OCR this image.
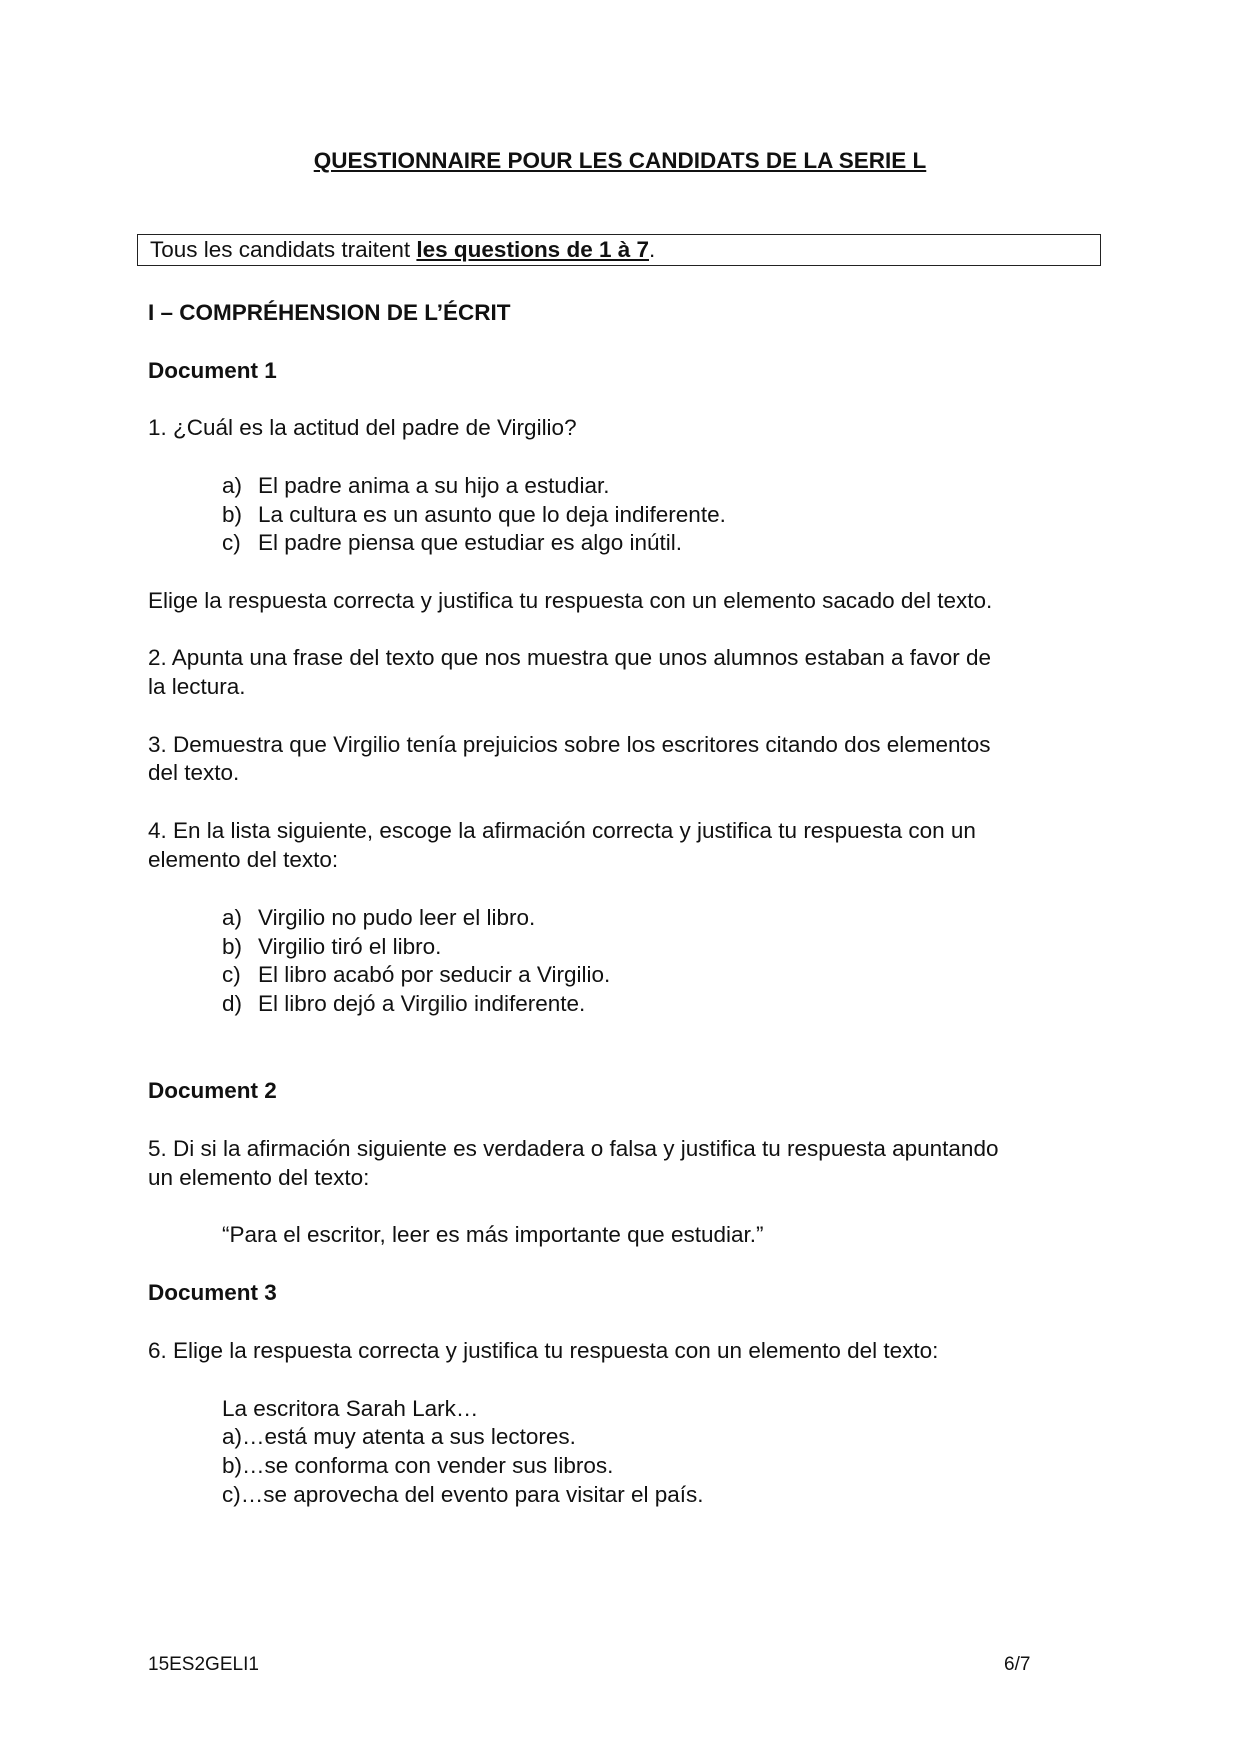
QUESTIONNAIRE POUR LES CANDIDATS DE LA SERIE L

Tous les candidats traitent les questions de 1 à 7.

I – COMPRÉHENSION DE L’ÉCRIT

Document 1

1. ¿Cuál es la actitud del padre de Virgilio?

a) El padre anima a su hijo a estudiar.

b) La cultura es un asunto que lo deja indiferente.

c) El padre piensa que estudiar es algo inútil.

Elige la respuesta correcta y justifica tu respuesta con un elemento sacado del texto.

2. Apunta una frase del texto que nos muestra que unos alumnos estaban a favor de

la lectura.

3. Demuestra que Virgilio tenía prejuicios sobre los escritores citando dos elementos

del texto.

4. En la lista siguiente, escoge la afirmación correcta y justifica tu respuesta con un

elemento del texto:

a) Virgilio no pudo leer el libro.

b) Virgilio tiró el libro.

c) El libro acabó por seducir a Virgilio.

d) El libro dejó a Virgilio indiferente.

Document 2

5. Di si la afirmación siguiente es verdadera o falsa y justifica tu respuesta apuntando

un elemento del texto:

“Para el escritor, leer es más importante que estudiar.”

Document 3

6. Elige la respuesta correcta y justifica tu respuesta con un elemento del texto:

La escritora Sarah Lark…

a)…está muy atenta a sus lectores.

b)…se conforma con vender sus libros.

c)…se aprovecha del evento para visitar el país.

15ES2GELI1	6/7
